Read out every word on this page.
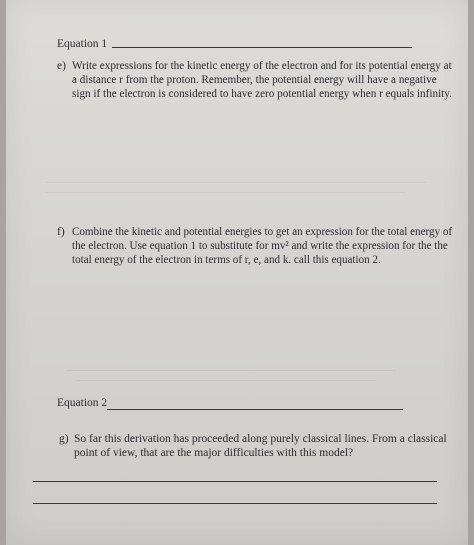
Equation 1
e) Write expressions for the kinetic energy of the electron and for its potential energy at
a distance r from the proton. Remember, the potential energy will have a negative
sign if the electron is considered to have zero potential energy when r equals infinity.
f) Combine the kinetic and potential energies to get an expression for the total energy of
the electron. Use equation 1 to substitute for mv² and write the expression for the the
total energy of the electron in terms of r, e, and k. call this equation 2.
Equation 2
g) So far this derivation has proceeded along purely classical lines. From a classical
point of view, that are the major difficulties with this model?
